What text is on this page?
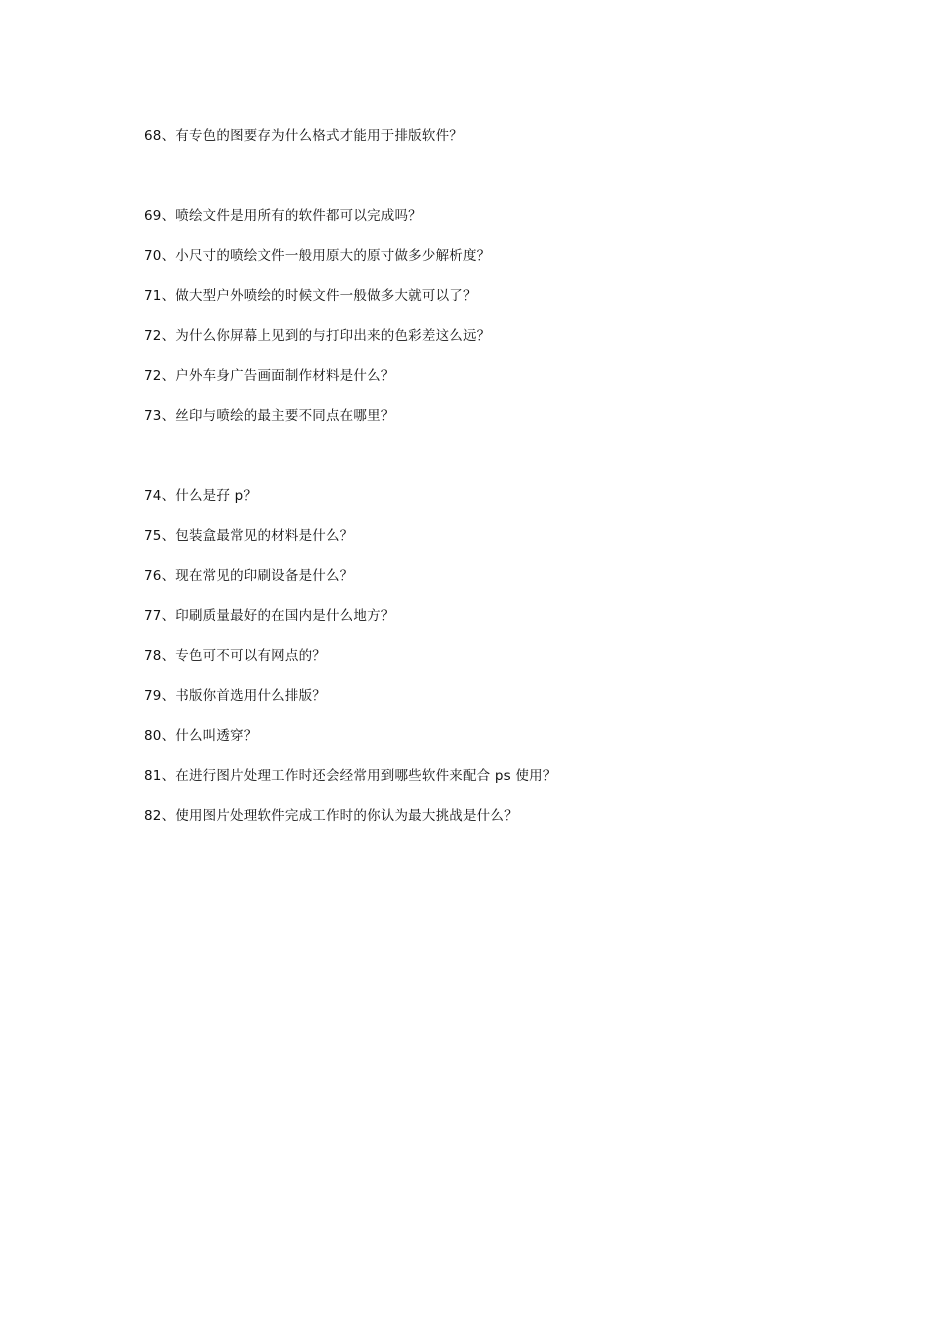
68、有专色的图要存为什么格式才能用于排版软件？
69、喷绘文件是用所有的软件都可以完成吗？
70、小尺寸的喷绘文件一般用原大的原寸做多少解析度？
71、做大型户外喷绘的时候文件一般做多大就可以了？
72、为什么你屏幕上见到的与打印出来的色彩差这么远？
72、户外车身广告画面制作材料是什么？
73、丝印与喷绘的最主要不同点在哪里？
74、什么是孖 p？
75、包装盒最常见的材料是什么？
76、现在常见的印刷设备是什么？
77、印刷质量最好的在国内是什么地方？
78、专色可不可以有网点的？
79、书版你首选用什么排版？
80、什么叫透穿？
81、在进行图片处理工作时还会经常用到哪些软件来配合 ps 使用？
82、使用图片处理软件完成工作时的你认为最大挑战是什么？
